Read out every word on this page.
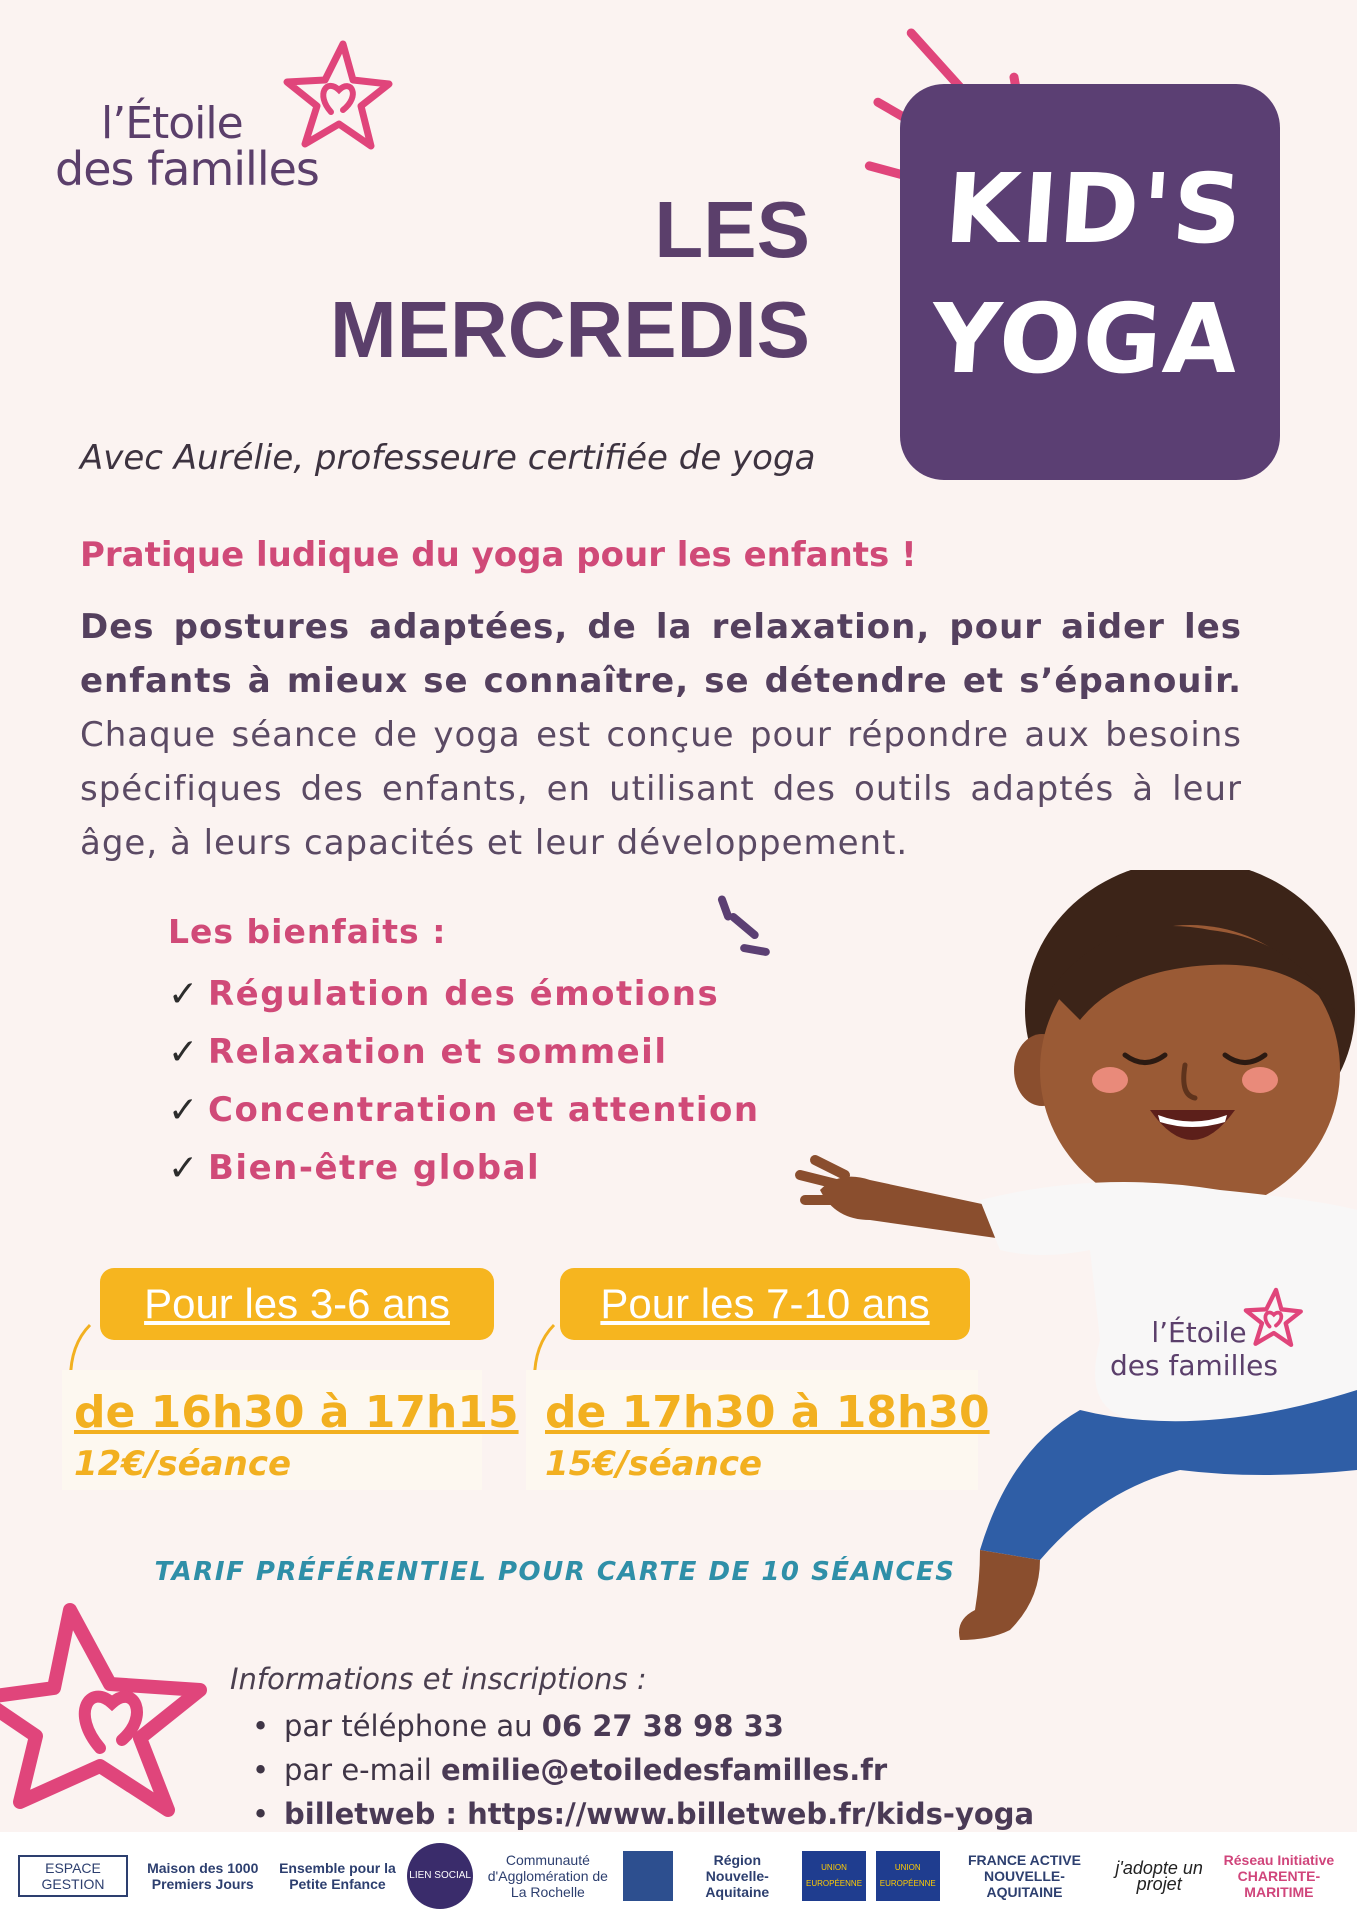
l’Étoile
des familles
LES
MERCREDIS
KID'S
YOGA
Avec Aurélie, professeure certifiée de yoga
Pratique ludique du yoga pour les enfants !
Des postures adaptées, de la relaxation, pour aider les enfants à mieux se connaître, se détendre et s’épanouir. Chaque séance de yoga est conçue pour répondre aux besoins spécifiques des enfants, en utilisant des outils adaptés à leur âge, à leurs capacités et leur développement.
Les bienfaits :
✓ Régulation des émotions
✓ Relaxation et sommeil
✓ Concentration et attention
✓ Bien-être global
l’Étoile
des familles
Pour les 3-6 ans
de 16h30 à 17h15
12€/séance
Pour les 7-10 ans
de 17h30 à 18h30
15€/séance
TARIF PRÉFÉRENTIEL POUR CARTE DE 10 SÉANCES
Informations et inscriptions :
• par téléphone au 06 27 38 98 33
• par e-mail emilie@etoiledesfamilles.fr
• billetweb : https://www.billetweb.fr/kids-yoga
ESPACE GESTION
Maison des 1000 Premiers Jours
Ensemble pour la Petite Enfance
LIEN SOCIAL
Communauté d'Agglomération de La Rochelle
Région Nouvelle-Aquitaine
UNION EUROPÉENNE
UNION EUROPÉENNE
FRANCE ACTIVE NOUVELLE-AQUITAINE
j'adopte un projet
Réseau Initiative CHARENTE-MARITIME
